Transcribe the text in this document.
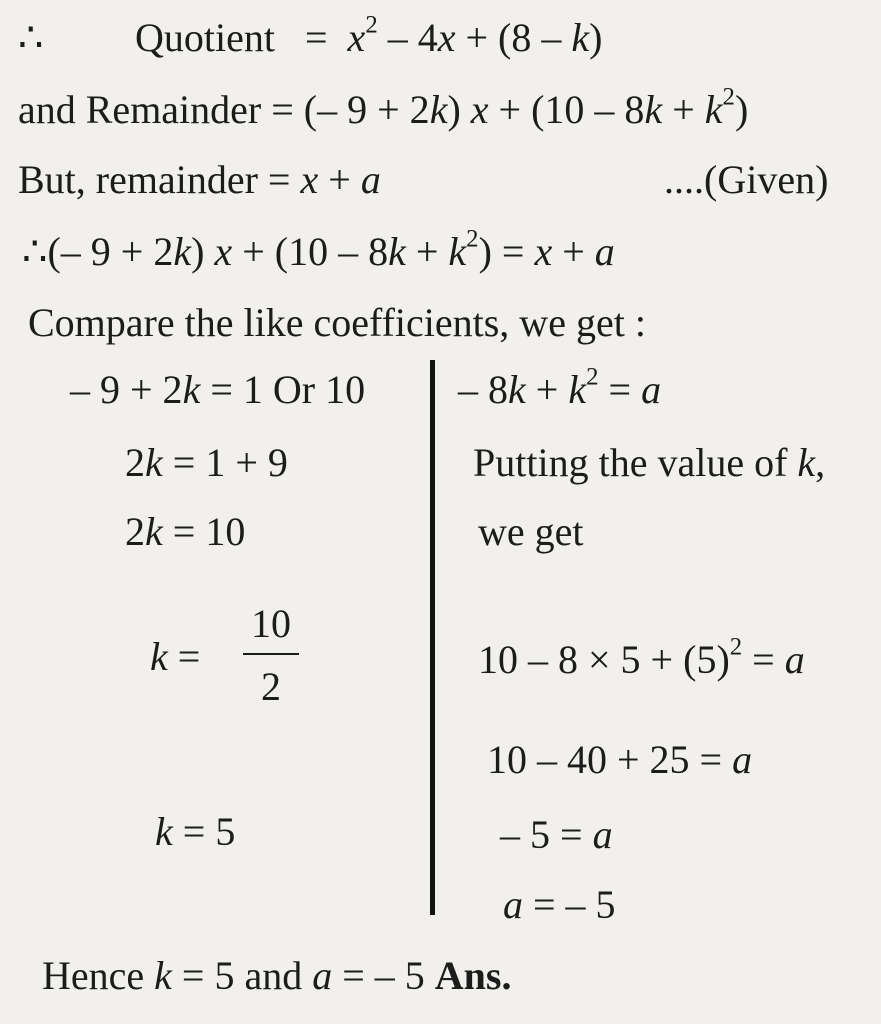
∴ Quotient = $x^2 - 4x + (8 - k)$
and Remainder = (– 9 + 2k) $x + (10 - 8k + k^2)$
But, remainder = x + a	....(Given)
∴(– 9 + 2k) $x + (10 - 8k + k^2) = x + a$
Compare the like coefficients, we get :
– 9 + 2k = 1 Or 10
2k = 1 + 9
2k = 10
k =
10
2
k = 5
– $8k + k^2 = a$
Putting the value of k,
we get
$10 - 8 \times 5 + (5)^2 = a$
10 – 40 + 25 = a
– 5 = a
a = – 5
Hence k = 5 and a = – 5 Ans.
